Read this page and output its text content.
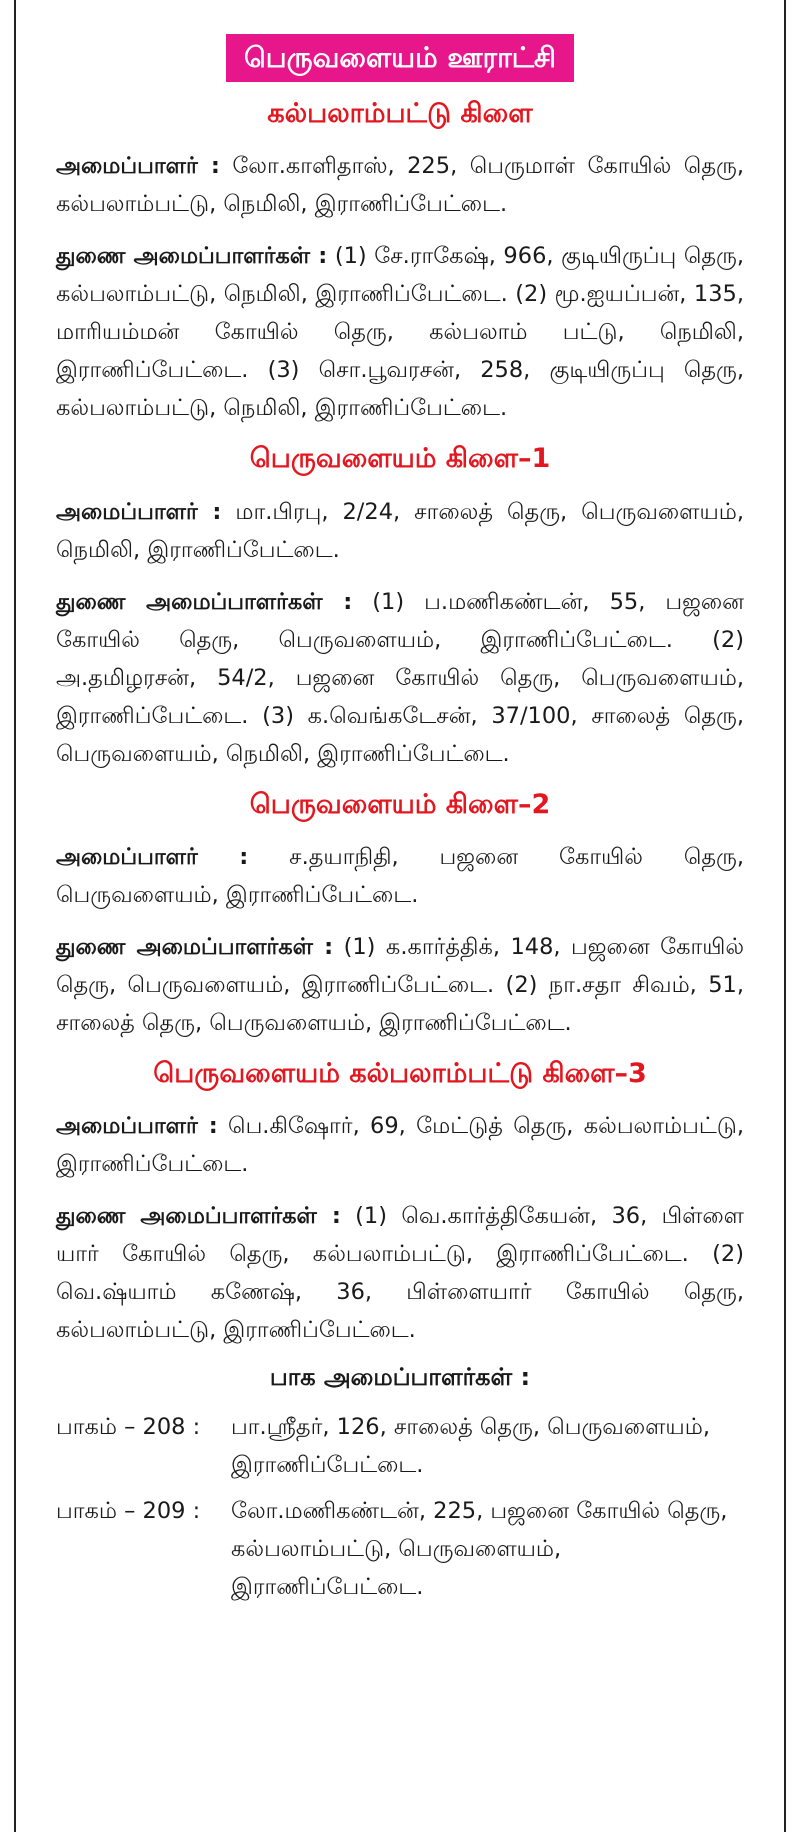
பெருவளையம் ஊராட்சி
கல்பலாம்பட்டு கிளை

அமைப்பாளர் : லோ.காளிதாஸ், 225, பெருமாள் கோயில் தெரு, கல்பலாம்பட்டு, நெமிலி, இராணிப்பேட்டை.

துணை அமைப்பாளர்கள் : (1) சே.ராகேஷ், 966, குடியிருப்பு தெரு, கல்பலாம்பட்டு, நெமிலி, இராணிப்பேட்டை. (2) மூ.ஐயப்பன், 135, மாரியம்மன் கோயில் தெரு, கல்பலாம் பட்டு, நெமிலி, இராணிப்பேட்டை. (3) சொ.பூவரசன், 258, குடியிருப்பு தெரு, கல்பலாம்பட்டு, நெமிலி, இராணிப்பேட்டை.

பெருவளையம் கிளை–1

அமைப்பாளர் : மா.பிரபு, 2/24, சாலைத் தெரு, பெருவளையம், நெமிலி, இராணிப்பேட்டை.

துணை அமைப்பாளர்கள் : (1) ப.மணிகண்டன், 55, பஜனை கோயில் தெரு, பெருவளையம், இராணிப்பேட்டை. (2) அ.தமிழரசன், 54/2, பஜனை கோயில் தெரு, பெருவளையம், இராணிப்பேட்டை. (3) க.வெங்கடேசன், 37/100, சாலைத் தெரு, பெருவளையம், நெமிலி, இராணிப்பேட்டை.

பெருவளையம் கிளை–2

அமைப்பாளர் : ச.தயாநிதி, பஜனை கோயில் தெரு, பெருவளையம், இராணிப்பேட்டை.

துணை அமைப்பாளர்கள் : (1) க.கார்த்திக், 148, பஜனை கோயில் தெரு, பெருவளையம், இராணிப்பேட்டை. (2) நா.சதா சிவம், 51, சாலைத் தெரு, பெருவளையம், இராணிப்பேட்டை.

பெருவளையம் கல்பலாம்பட்டு கிளை–3

அமைப்பாளர் : பெ.கிஷோர், 69, மேட்டுத் தெரு, கல்பலாம்பட்டு, இராணிப்பேட்டை.

துணை அமைப்பாளர்கள் : (1) வெ.கார்த்திகேயன், 36, பிள்ளை யார் கோயில் தெரு, கல்பலாம்பட்டு, இராணிப்பேட்டை. (2) வெ.ஷ்யாம் கணேஷ், 36, பிள்ளையார் கோயில் தெரு, கல்பலாம்பட்டு, இராணிப்பேட்டை.

பாக அமைப்பாளர்கள் :
பாகம் – 208 :	பா.ஸ்ரீதர், 126, சாலைத் தெரு, பெருவளையம், இராணிப்பேட்டை.
பாகம் – 209 :	லோ.மணிகண்டன், 225, பஜனை கோயில் தெரு, கல்பலாம்பட்டு, பெருவளையம், இராணிப்பேட்டை.
